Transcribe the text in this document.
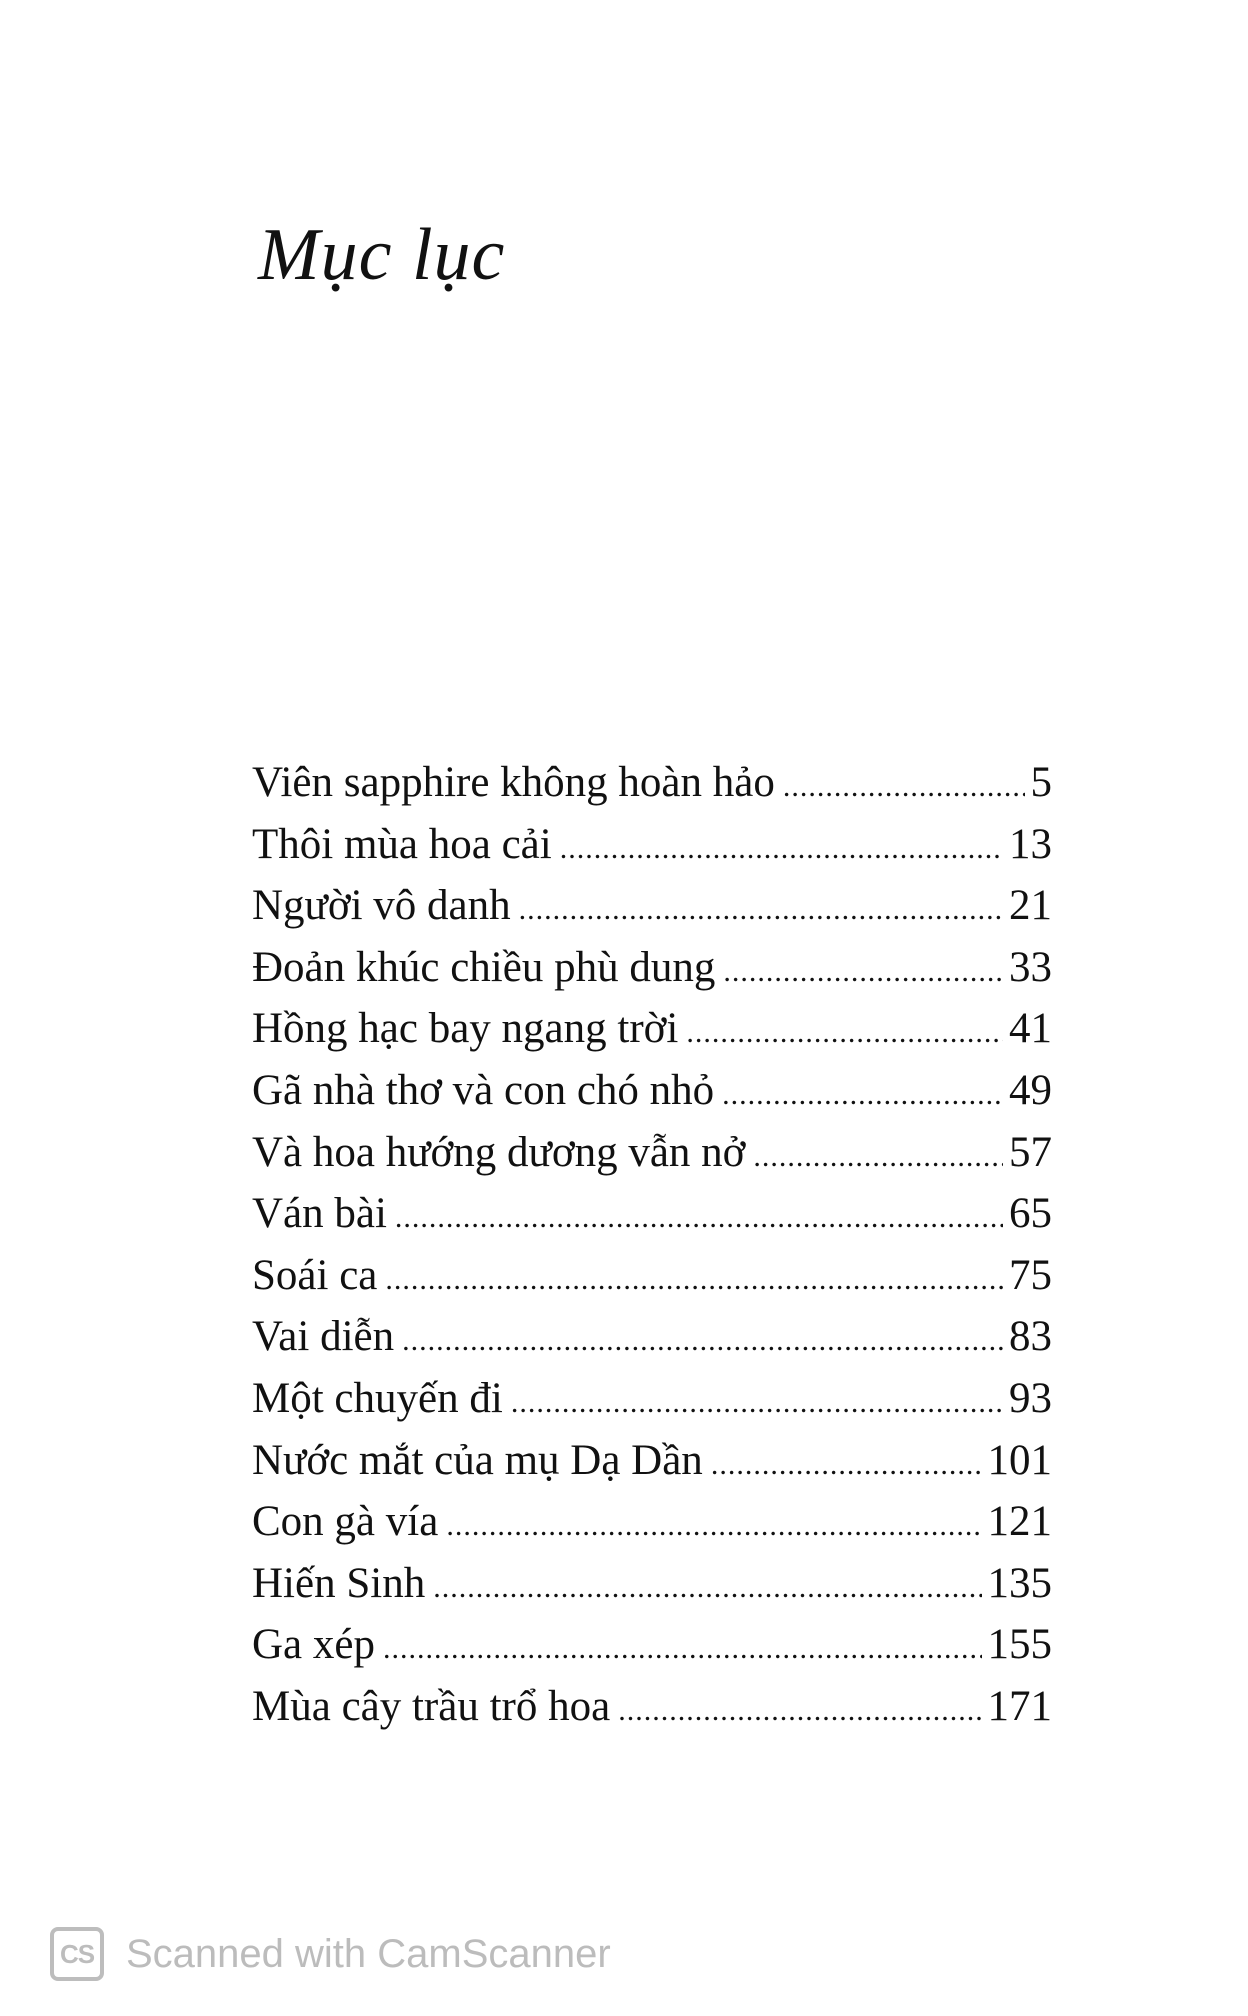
Mục lục
Viên sapphire không hoàn hảo .....	5
Thôi mùa hoa cải .....	13
Người vô danh .....	21
Đoản khúc chiều phù dung .....	33
Hồng hạc bay ngang trời .....	41
Gã nhà thơ và con chó nhỏ .....	49
Và hoa hướng dương vẫn nở .....	57
Ván bài .....	65
Soái ca .....	75
Vai diễn .....	83
Một chuyến đi .....	93
Nước mắt của mụ Dạ Dần .....	101
Con gà vía .....	121
Hiến Sinh .....	135
Ga xép .....	155
Mùa cây trầu trổ hoa .....	171
CS Scanned with CamScanner
